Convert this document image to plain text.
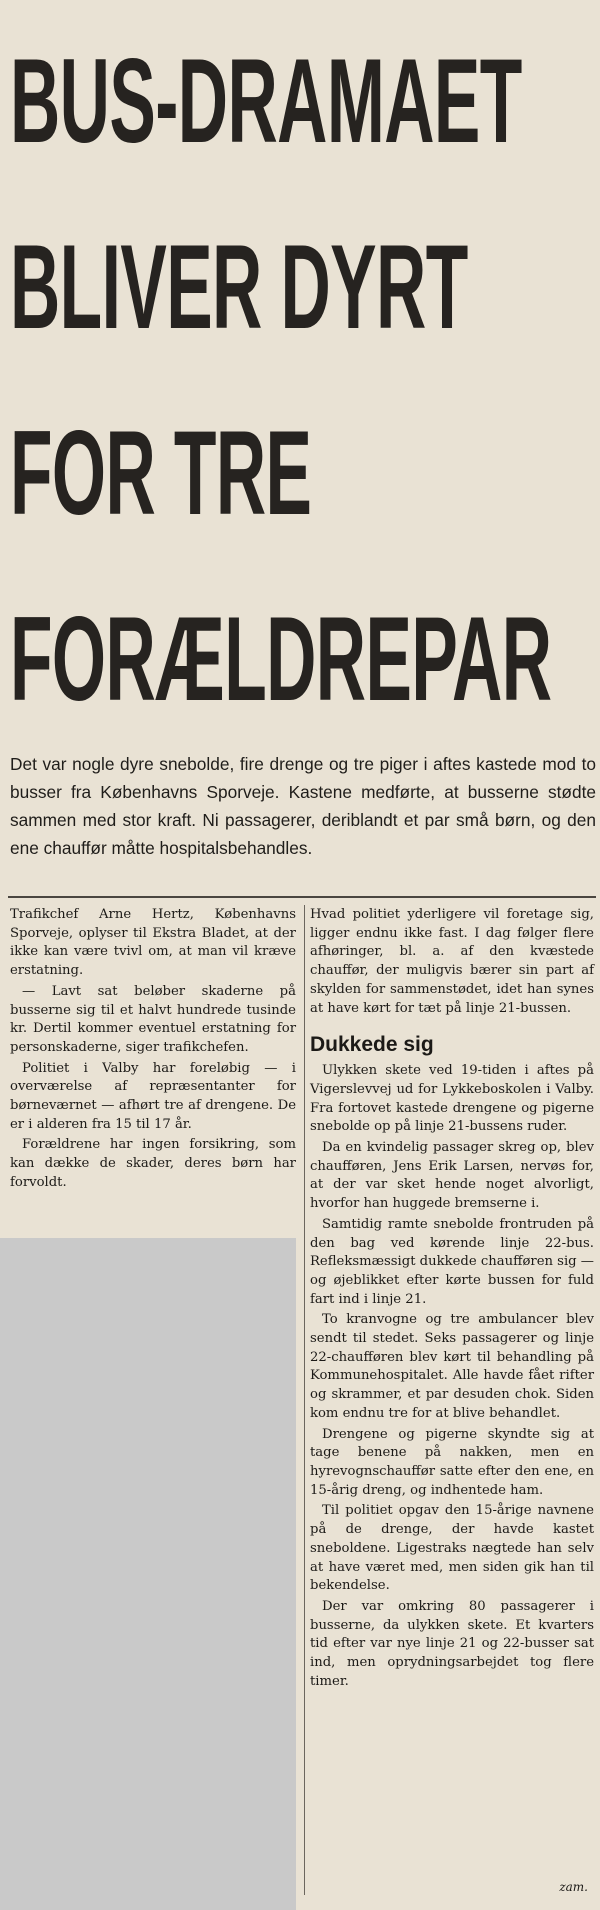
BUS-DRAMAET
BLIVER DYRT
FOR TRE
FORÆLDREPAR

Det var nogle dyre snebolde, fire drenge og tre piger i aftes kastede mod to busser fra Københavns Sporveje. Kastene medførte, at busserne stødte sammen med stor kraft. Ni passagerer, deriblandt et par små børn, og den ene chauffør måtte hospitalsbehandles.

Trafikchef Arne Hertz, Københavns Sporveje, oplyser til Ekstra Bladet, at der ikke kan være tvivl om, at man vil kræve erstatning.

— Lavt sat beløber skaderne på busserne sig til et halvt hundrede tusinde kr. Dertil kommer eventuel erstatning for personskaderne, siger trafikchefen.

Politiet i Valby har foreløbig — i overværelse af repræsentanter for børneværnet — afhørt tre af drengene. De er i alderen fra 15 til 17 år.

Forældrene har ingen forsikring, som kan dække de skader, deres børn har forvoldt.

Hvad politiet yderligere vil foretage sig, ligger endnu ikke fast. I dag følger flere afhøringer, bl. a. af den kvæstede chauffør, der muligvis bærer sin part af skylden for sammenstødet, idet han synes at have kørt for tæt på linje 21-bussen.

Dukkede sig

Ulykken skete ved 19-tiden i aftes på Vigerslevvej ud for Lykkeboskolen i Valby. Fra fortovet kastede drengene og pigerne snebolde op på linje 21-bussens ruder.

Da en kvindelig passager skreg op, blev chaufføren, Jens Erik Larsen, nervøs for, at der var sket hende noget alvorligt, hvorfor han huggede bremserne i.

Samtidig ramte snebolde frontruden på den bag ved kørende linje 22-bus. Refleksmæssigt dukkede chaufføren sig — og øjeblikket efter kørte bussen for fuld fart ind i linje 21.

To kranvogne og tre ambulancer blev sendt til stedet. Seks passagerer og linje 22-chaufføren blev kørt til behandling på Kommunehospitalet. Alle havde fået rifter og skrammer, et par desuden chok. Siden kom endnu tre for at blive behandlet.

Drengene og pigerne skyndte sig at tage benene på nakken, men en hyrevognschauffør satte efter den ene, en 15-årig dreng, og indhentede ham.

Til politiet opgav den 15-årige navnene på de drenge, der havde kastet sneboldene. Ligestraks nægtede han selv at have været med, men siden gik han til bekendelse.

Der var omkring 80 passagerer i busserne, da ulykken skete. Et kvarters tid efter var nye linje 21 og 22-busser sat ind, men oprydningsarbejdet tog flere timer.

zam.
